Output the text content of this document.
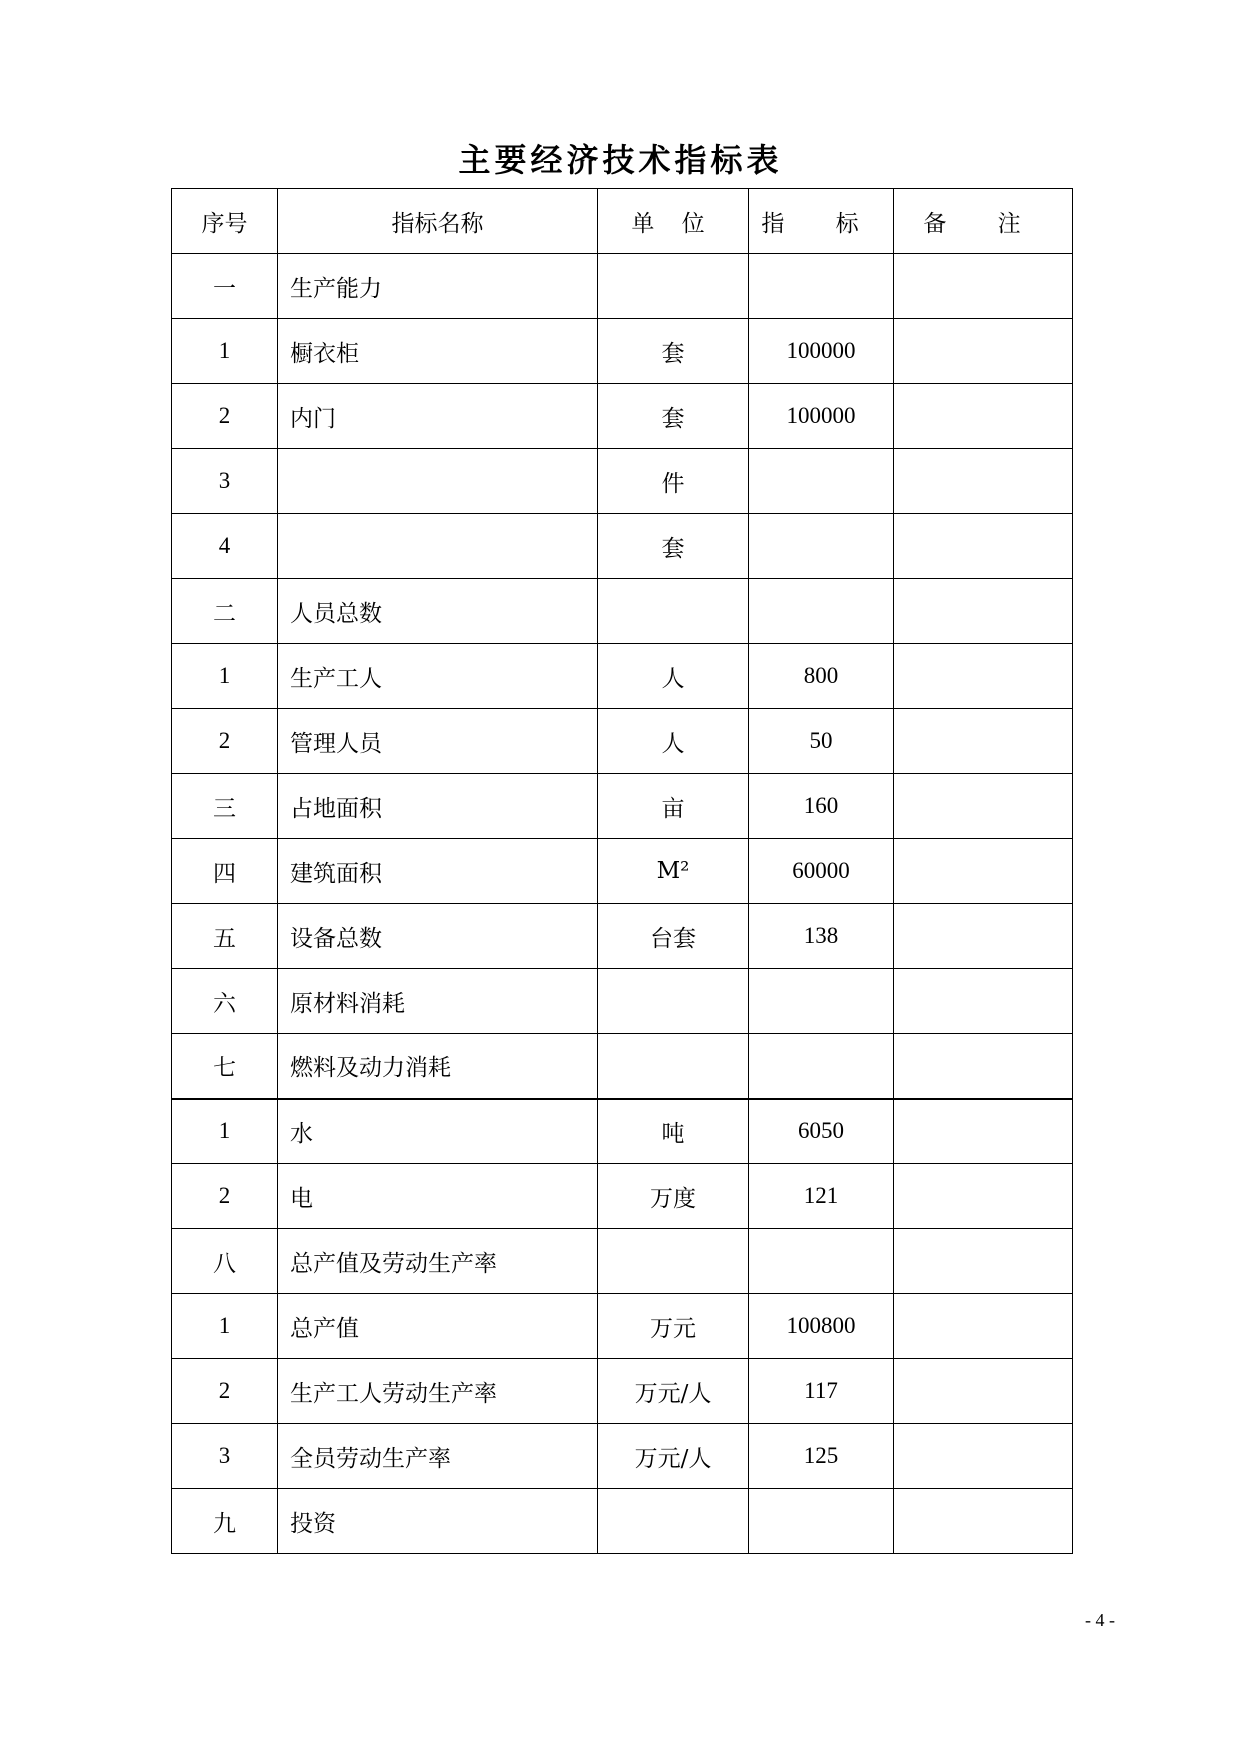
主要经济技术指标表
序号	指标名称	单 位	指 标	备 注
一	生产能力			
1	橱衣柜	套	100000	
2	内门	套	100000	
3		件		
4		套		
二	人员总数			
1	生产工人	人	800	
2	管理人员	人	50	
三	占地面积	亩	160	
四	建筑面积	M²	60000	
五	设备总数	台套	138	
六	原材料消耗			
七	燃料及动力消耗			
1	水	吨	6050	
2	电	万度	121	
八	总产值及劳动生产率			
1	总产值	万元	100800	
2	生产工人劳动生产率	万元/人	117	
3	全员劳动生产率	万元/人	125	
九	投资			
- 4 -
